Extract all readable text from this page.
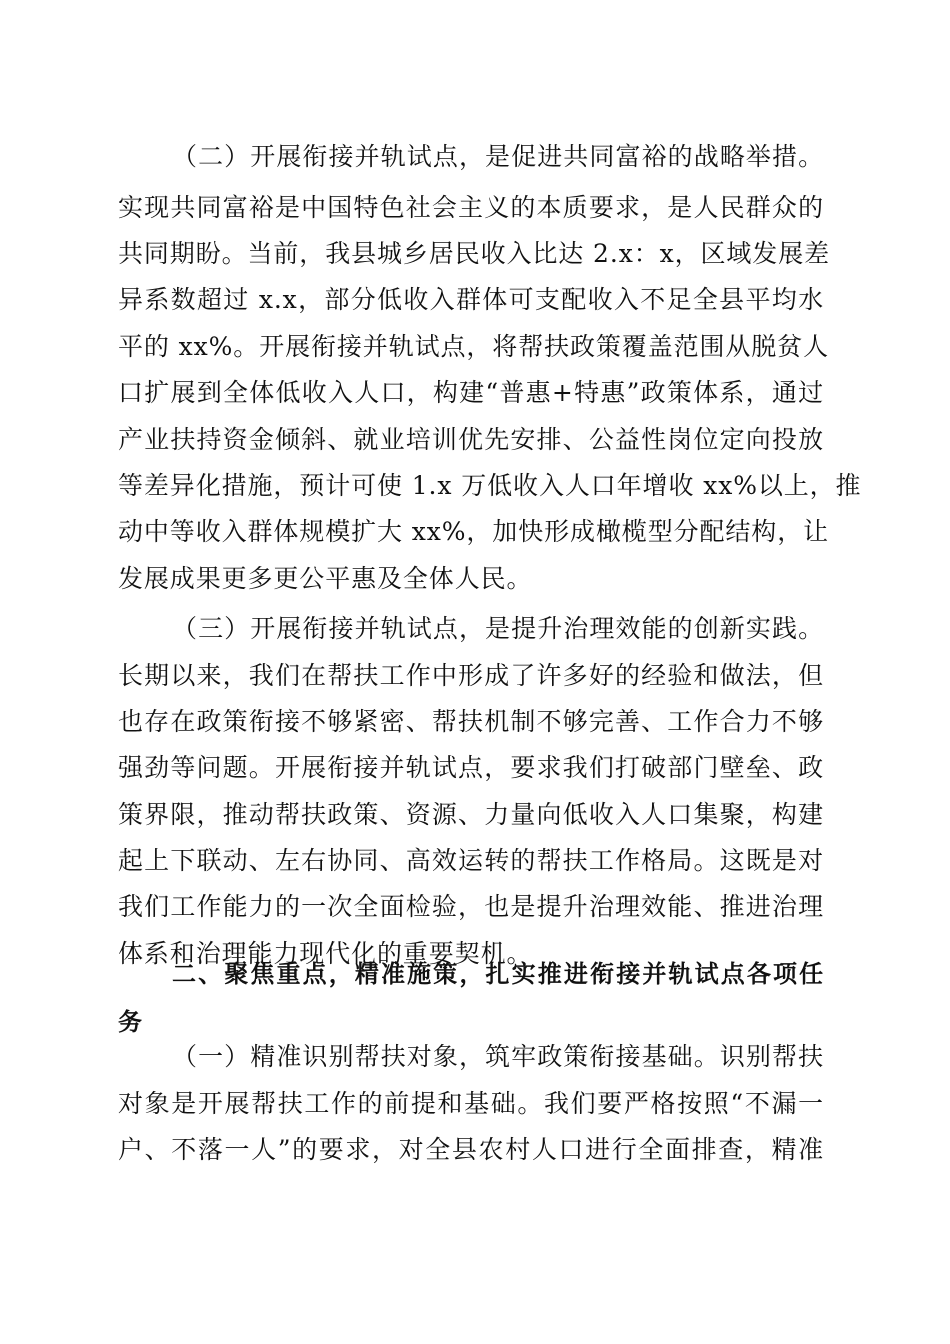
（二）开展衔接并轨试点，是促进共同富裕的战略举措。
实现共同富裕是中国特色社会主义的本质要求，是人民群众的
共同期盼。当前，我县城乡居民收入比达 2.x：x，区域发展差
异系数超过 x.x，部分低收入群体可支配收入不足全县平均水
平的 xx%。开展衔接并轨试点，将帮扶政策覆盖范围从脱贫人
口扩展到全体低收入人口，构建“普惠+特惠”政策体系，通过
产业扶持资金倾斜、就业培训优先安排、公益性岗位定向投放
等差异化措施，预计可使 1.x 万低收入人口年增收 xx%以上，推
动中等收入群体规模扩大 xx%，加快形成橄榄型分配结构，让
发展成果更多更公平惠及全体人民。
（三）开展衔接并轨试点，是提升治理效能的创新实践。
长期以来，我们在帮扶工作中形成了许多好的经验和做法，但
也存在政策衔接不够紧密、帮扶机制不够完善、工作合力不够
强劲等问题。开展衔接并轨试点，要求我们打破部门壁垒、政
策界限，推动帮扶政策、资源、力量向低收入人口集聚，构建
起上下联动、左右协同、高效运转的帮扶工作格局。这既是对
我们工作能力的一次全面检验，也是提升治理效能、推进治理
体系和治理能力现代化的重要契机。
二、聚焦重点，精准施策，扎实推进衔接并轨试点各项任
务
（一）精准识别帮扶对象，筑牢政策衔接基础。识别帮扶
对象是开展帮扶工作的前提和基础。我们要严格按照“不漏一
户、不落一人”的要求，对全县农村人口进行全面排查，精准
